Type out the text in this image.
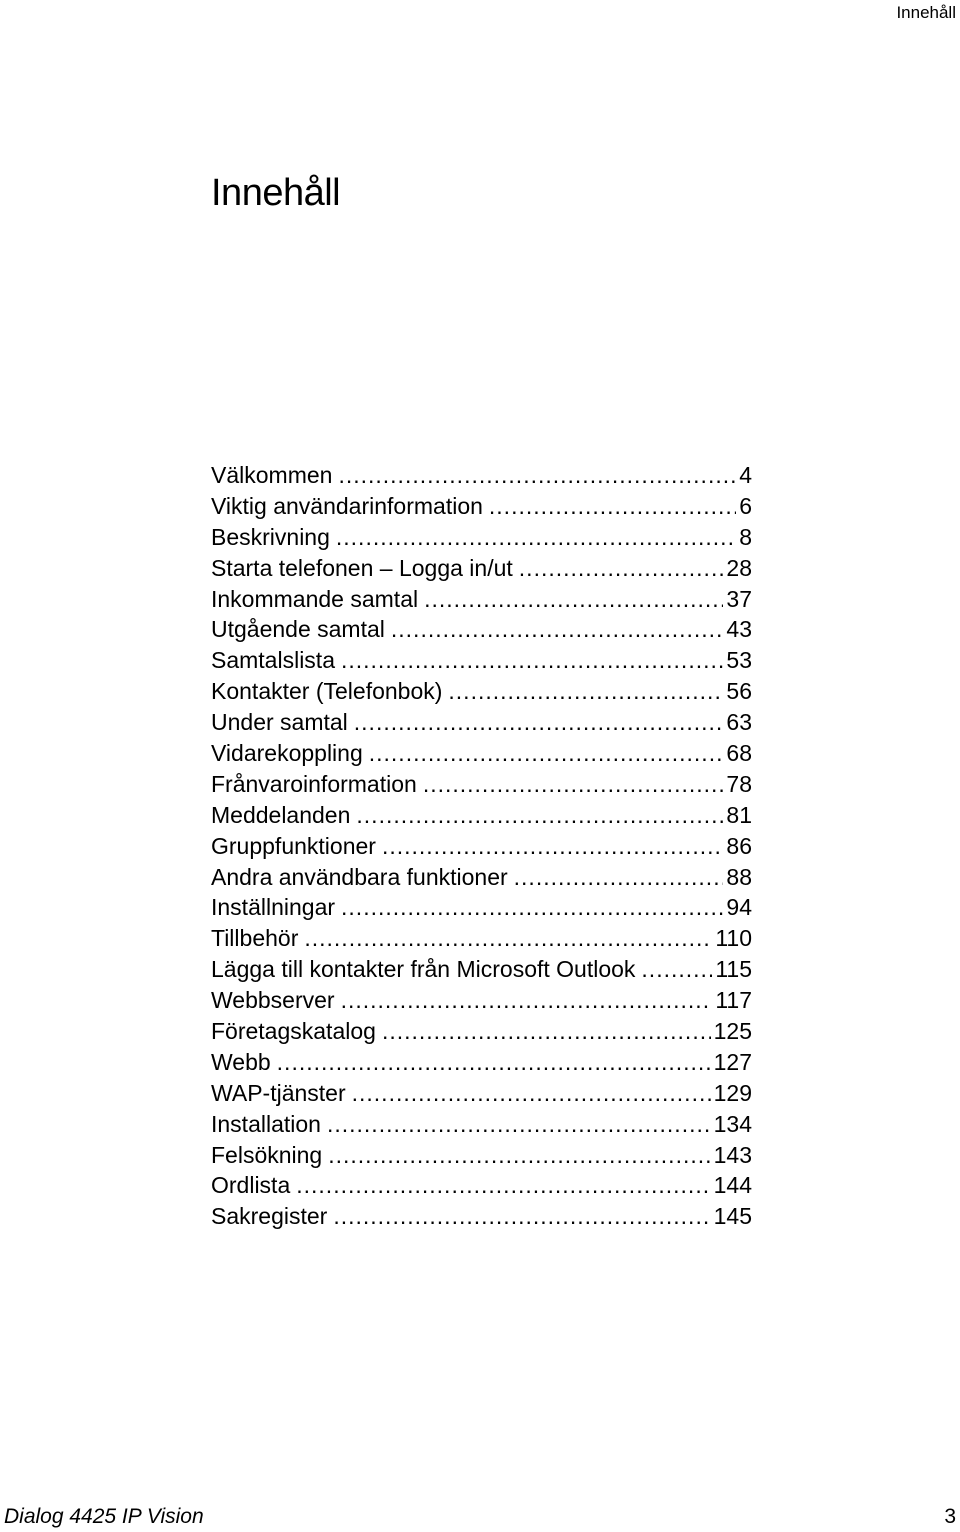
Innehåll
Innehåll
Välkommen .....	4
Viktig användarinformation .....	6
Beskrivning .....	8
Starta telefonen – Logga in/ut .....	28
Inkommande samtal .....	37
Utgående samtal .....	43
Samtalslista .....	53
Kontakter (Telefonbok) .....	56
Under samtal .....	63
Vidarekoppling .....	68
Frånvaroinformation .....	78
Meddelanden .....	81
Gruppfunktioner .....	86
Andra användbara funktioner .....	88
Inställningar .....	94
Tillbehör .....	110
Lägga till kontakter från Microsoft Outlook .....	115
Webbserver .....	117
Företagskatalog .....	125
Webb .....	127
WAP-tjänster .....	129
Installation .....	134
Felsökning .....	143
Ordlista .....	144
Sakregister .....	145
Dialog 4425 IP Vision	3
